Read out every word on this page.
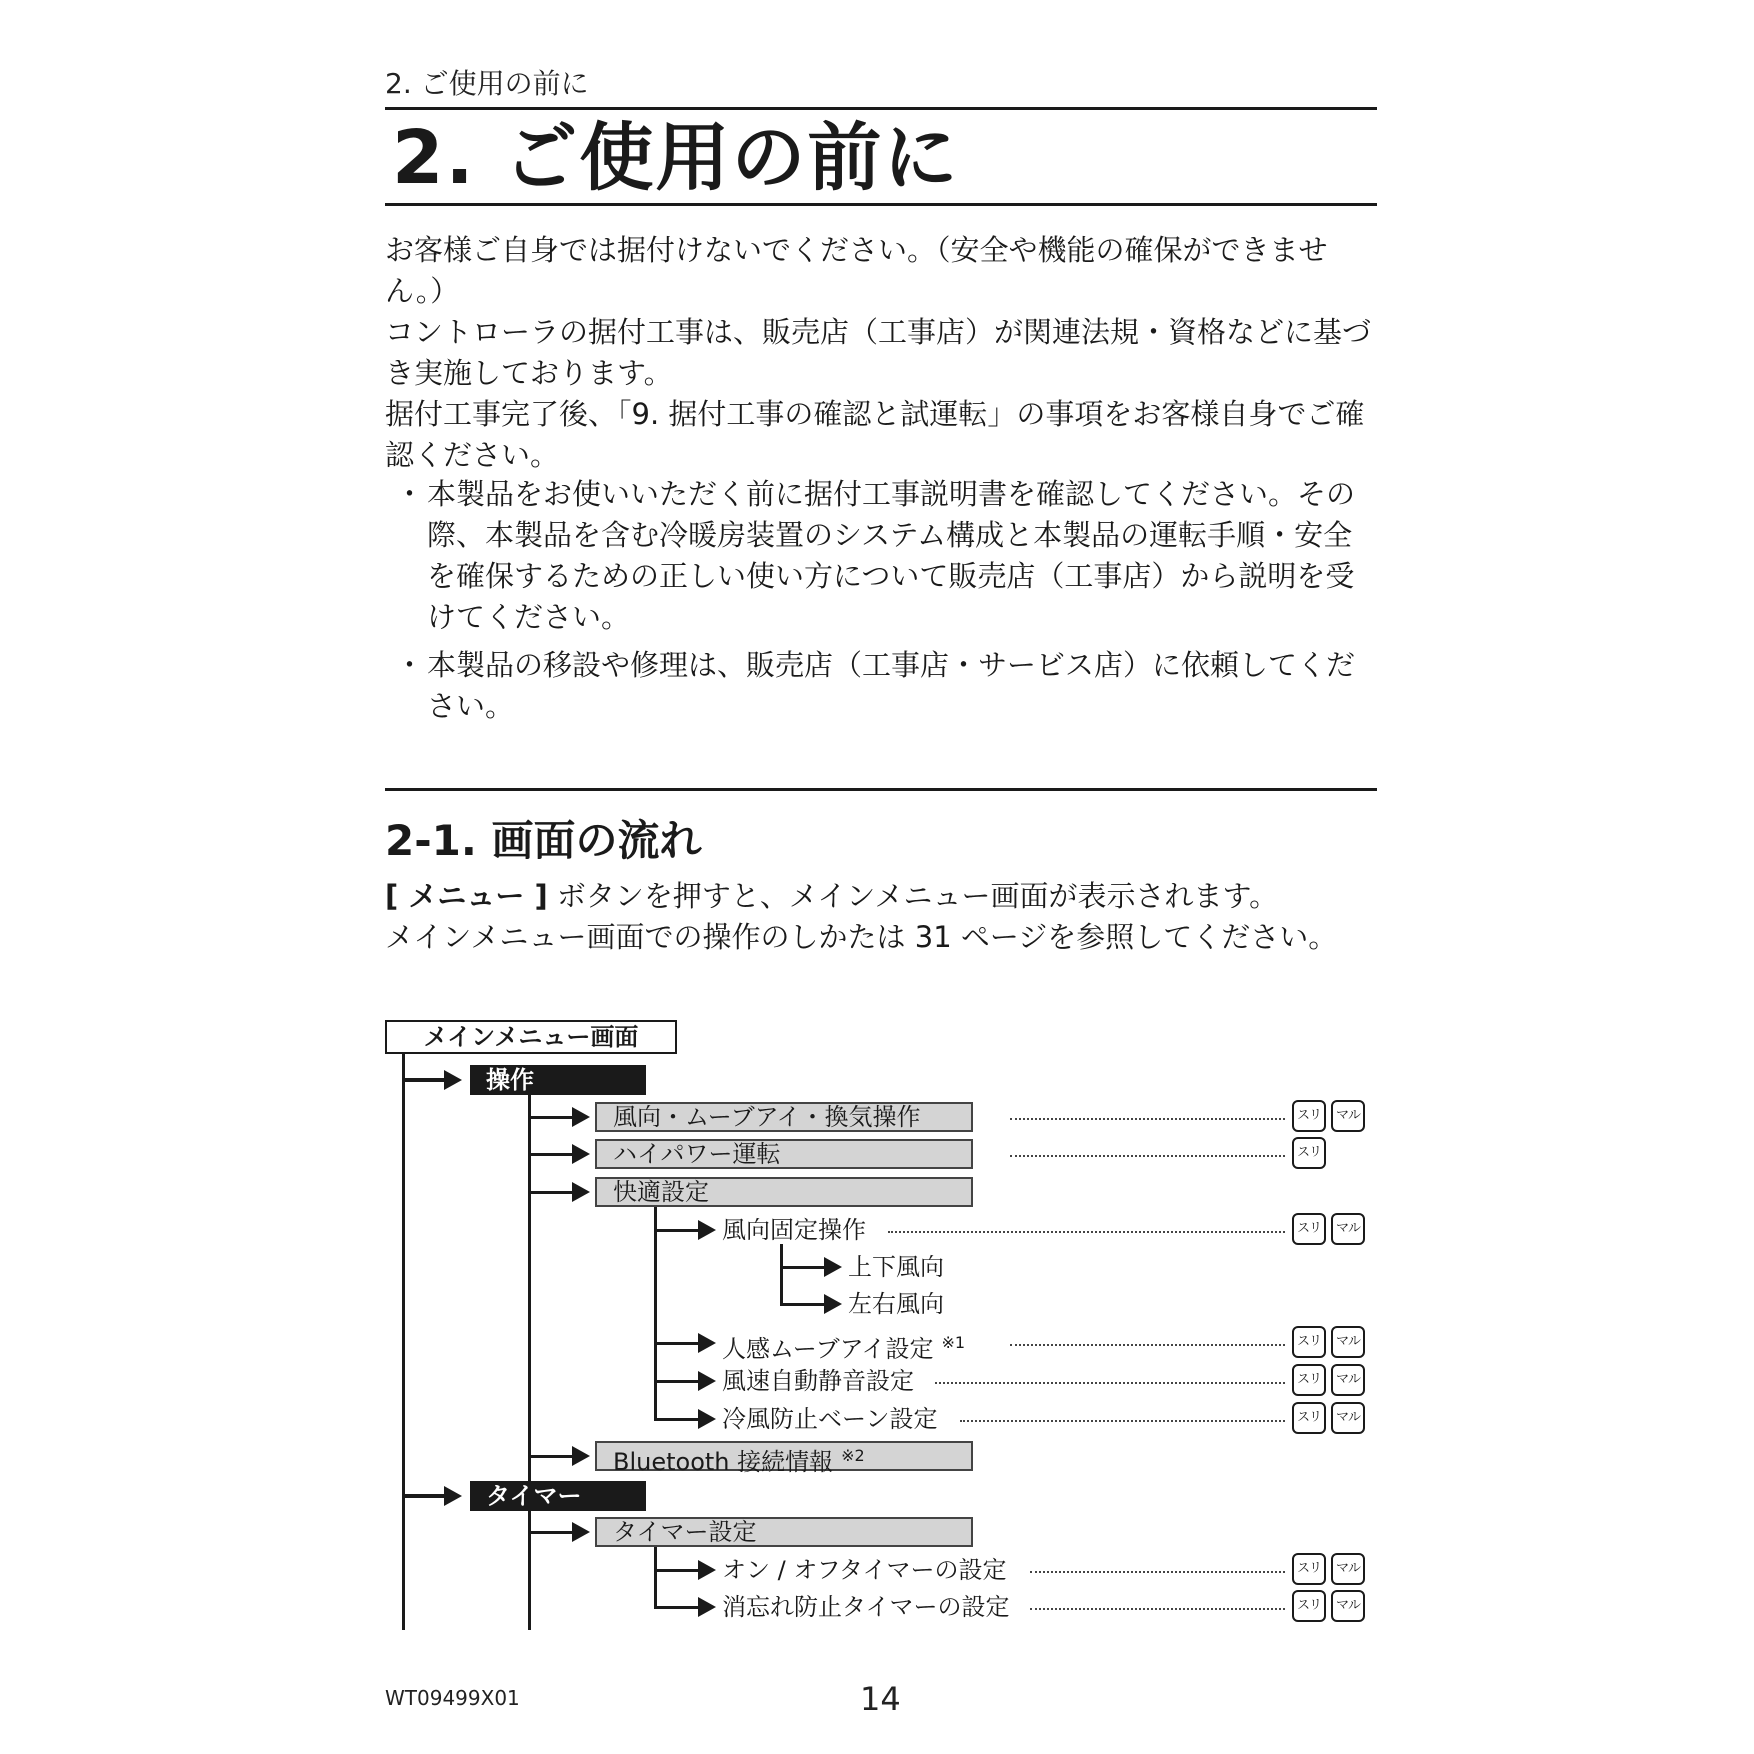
2. ご使用の前に
2. ご使用の前に

お客様ご自身では据付けないでください。（安全や機能の確保ができません。）

コントローラの据付工事は、販売店（工事店）が関連法規・資格などに基づき実施しております。

据付工事完了後、「9. 据付工事の確認と試運転」の事項をお客様自身でご確認ください。

・ 本製品をお使いいただく前に据付工事説明書を確認してください。その際、本製品を含む冷暖房装置のシステム構成と本製品の運転手順・安全を確保するための正しい使い方について販売店（工事店）から説明を受けてください。
・ 本製品の移設や修理は、販売店（工事店・サービス店）に依頼してください。
2-1. 画面の流れ

[ メニュー ] ボタンを押すと、メインメニュー画面が表示されます。
メインメニュー画面での操作のしかたは 31 ページを参照してください。

メインメニュー画面
操作
風向・ムーブアイ・換気操作	スリ	マル
ハイパワー運転	スリ
快適設定
風向固定操作	スリ	マル
上下風向
左右風向
人感ムーブアイ設定 $^{※1}$	スリ	マル
風速自動静音設定	スリ	マル
冷風防止ベーン設定	スリ	マル
Bluetooth 接続情報 $^{※2}$
タイマー
タイマー設定
オン / オフタイマーの設定	スリ	マル
消忘れ防止タイマーの設定	スリ	マル
WT09499X01	14
